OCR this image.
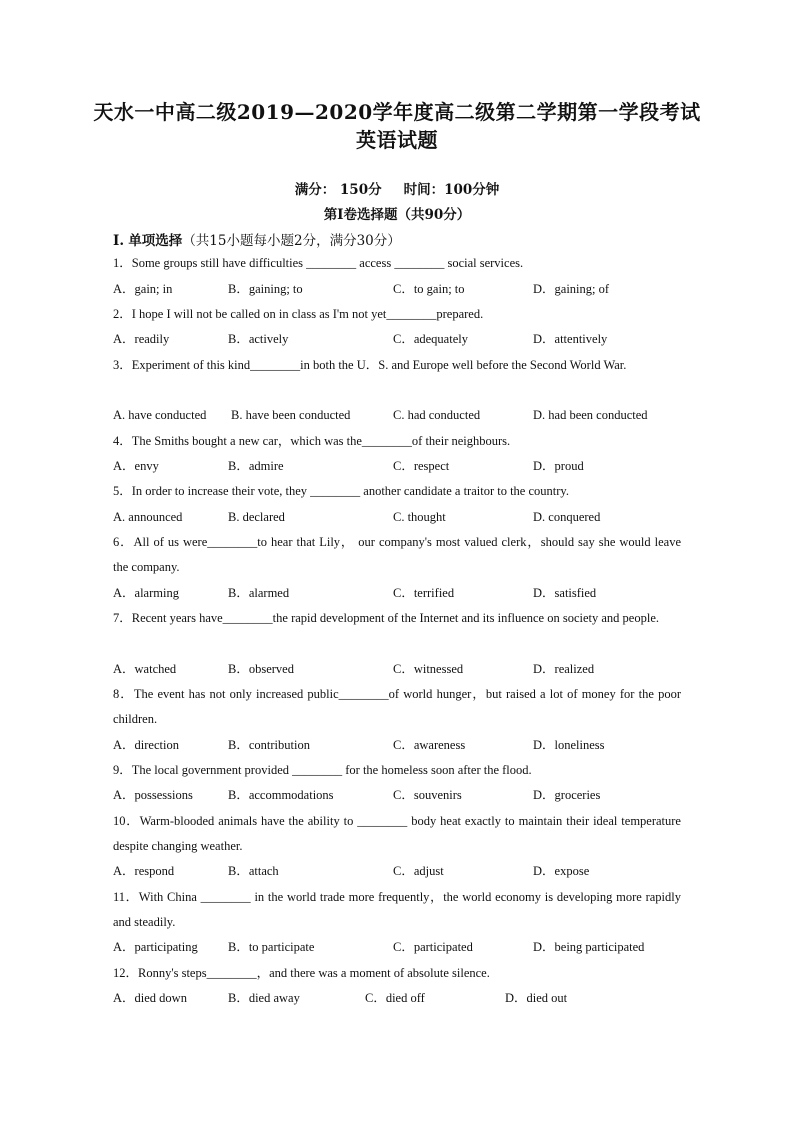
天水一中高二级2019—2020学年度高二级第二学期第一学段考试
英语试题
满分： 150分 时间：100分钟
第Ⅰ卷选择题（共90分）
Ⅰ. 单项选择（共15小题每小题2分，满分30分）
1．Some groups still have difficulties ________ access ________ social services.
A．gain; in	B．gaining; to	C．to gain; to	D．gaining; of
2．I hope I will not be called on in class as I'm not yet________prepared.
A．readily	B．actively	C．adequately	D．attentively
3．Experiment of this kind________in both the U．S. and Europe well before the Second World War.
A. have conducted B. have been conducted	C. had conducted	D. had been conducted
4．The Smiths bought a new car，which was the________of their neighbours.
A．envy	B．admire	C．respect	D．proud
5．In order to increase their vote, they ________ another candidate a traitor to the country.
A. announced	B. declared	C. thought	D. conquered
6．All of us were________to hear that Lily， our company's most valued clerk，should say she would leave the company.
A．alarming	B．alarmed	C．terrified	D．satisfied
7．Recent years have________the rapid development of the Internet and its influence on society and people.
A．watched	B．observed	C．witnessed	D．realized
8．The event has not only increased public________of world hunger，but raised a lot of money for the poor children.
A．direction	B．contribution	C．awareness	D．loneliness
9．The local government provided ________ for the homeless soon after the flood.
A．possessions	B．accommodations	C．souvenirs	D．groceries
10．Warm-blooded animals have the ability to ________ body heat exactly to maintain their ideal temperature despite changing weather.
A．respond	B．attach	C．adjust	D．expose
11．With China ________ in the world trade more frequently，the world economy is developing more rapidly and steadily.
A．participating B．to participate	C．participated	D．being participated
12．Ronny's steps________，and there was a moment of absolute silence.
A．died down	B．died away	C．died off	D．died out
